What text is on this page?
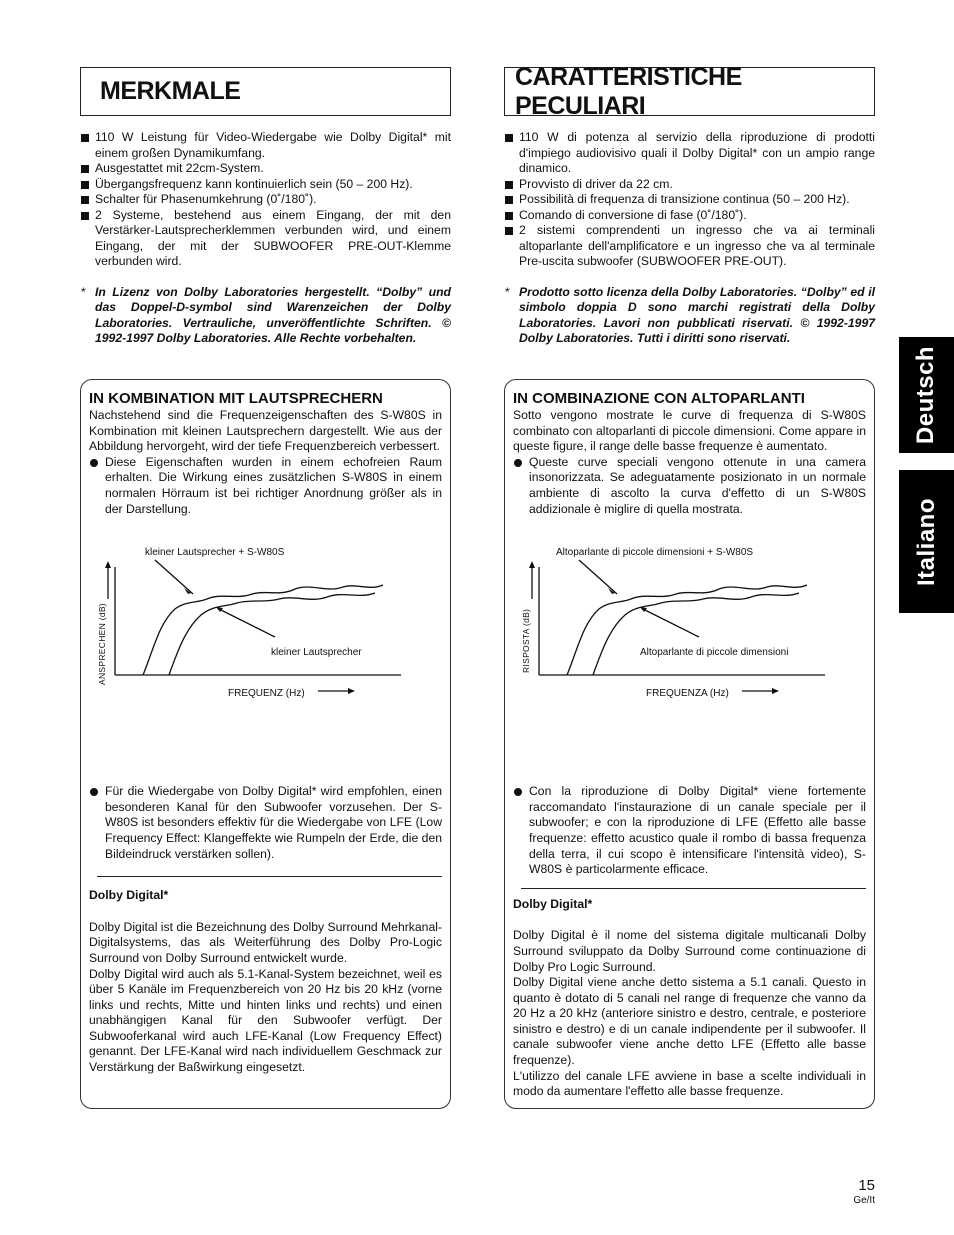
MERKMALE
CARATTERISTICHE PECULIARI
110 W Leistung für Video-Wiedergabe wie Dolby Digital* mit einem großen Dynamikumfang.
Ausgestattet mit 22cm-System.
Übergangsfrequenz kann kontinuierlich sein (50 – 200 Hz).
Schalter für Phasenumkehrung (0˚/180˚).
2 Systeme, bestehend aus einem Eingang, der mit den Verstärker-Lautsprecherklemmen verbunden wird, und einem Eingang, der mit der SUBWOOFER PRE-OUT-Klemme verbunden wird.
* In Lizenz von Dolby Laboratories hergestellt. “Dolby” und das Doppel-D-symbol sind Warenzeichen der Dolby Laboratories. Vertrauliche, unveröffentlichte Schriften. © 1992-1997 Dolby Laboratories. Alle Rechte vorbehalten.
110 W di potenza al servizio della riproduzione di prodotti d'impiego audiovisivo quali il Dolby Digital* con un ampio range dinamico.
Provvisto di driver da 22 cm.
Possibilità di frequenza di transizione continua (50 – 200 Hz).
Comando di conversione di fase (0˚/180˚).
2 sistemi comprendenti un ingresso che va ai terminali altoparlante dell'amplificatore e un ingresso che va al terminale Pre-uscita subwoofer (SUBWOOFER PRE-OUT).
* Prodotto sotto licenza della Dolby Laboratories. “Dolby” ed il simbolo doppia D sono marchi registrati della Dolby Laboratories. Lavori non pubblicati riservati. © 1992-1997 Dolby Laboratories. Tutti i diritti sono riservati.
IN KOMBINATION MIT LAUTSPRECHERN

Nachstehend sind die Frequenzeigenschaften des S-W80S in Kombination mit kleinen Lautsprechern dargestellt. Wie aus der Abbildung hervorgeht, wird der tiefe Frequenzbereich verbessert.

Diese Eigenschaften wurden in einem echofreien Raum erhalten. Die Wirkung eines zusätzlichen S-W80S in einem normalen Hörraum ist bei richtiger Anordnung größer als in der Darstellung.
kleiner Lautsprecher + S-W80S
kleiner Lautsprecher
ANSPRECHEN (dB)
FREQUENZ (Hz)
Für die Wiedergabe von Dolby Digital* wird empfohlen, einen besonderen Kanal für den Subwoofer vorzusehen. Der S-W80S ist besonders effektiv für die Wiedergabe von LFE (Low Frequency Effect: Klangeffekte wie Rumpeln der Erde, die den Bildeindruck verstärken sollen).

Dolby Digital*

Dolby Digital ist die Bezeichnung des Dolby Surround Mehrkanal-Digitalsystems, das als Weiterführung des Dolby Pro-Logic Surround von Dolby Surround entwickelt wurde.

Dolby Digital wird auch als 5.1-Kanal-System bezeichnet, weil es über 5 Kanäle im Frequenzbereich von 20 Hz bis 20 kHz (vorne links und rechts, Mitte und hinten links und rechts) und einen unabhängigen Kanal für den Subwoofer verfügt. Der Subwooferkanal wird auch LFE-Kanal (Low Frequency Effect) genannt. Der LFE-Kanal wird nach individuellem Geschmack zur Verstärkung der Baßwirkung eingesetzt.

IN COMBINAZIONE CON ALTOPARLANTI

Sotto vengono mostrate le curve di frequenza di S-W80S combinato con altoparlanti di piccole dimensioni. Come appare in queste figure, il range delle basse frequenze è aumentato.

Queste curve speciali vengono ottenute in una camera insonorizzata. Se adeguatamente posizionato in un normale ambiente di ascolto la curva d'effetto di un S-W80S addizionale è miglire di quella mostrata.
Altoparlante di piccole dimensioni + S-W80S
Altoparlante di piccole dimensioni
RISPOSTA (dB)
FREQUENZA (Hz)
Con la riproduzione di Dolby Digital* viene fortemente raccomandato l'instaurazione di un canale speciale per il subwoofer; e con la riproduzione di LFE (Effetto alle basse frequenze: effetto acustico quale il rombo di bassa frequenza della terra, il cui scopo è intensificare l'intensità video), S-W80S è particolarmente efficace.

Dolby Digital*

Dolby Digital è il nome del sistema digitale multicanali Dolby Surround sviluppato da Dolby Surround come continuazione di Dolby Pro Logic Surround.

Dolby Digital viene anche detto sistema a 5.1 canali. Questo in quanto è dotato di 5 canali nel range di frequenze che vanno da 20 Hz a 20 kHz (anteriore sinistro e destro, centrale, e posteriore sinistro e destro) e di un canale indipendente per il subwoofer. Il canale subwoofer viene anche detto LFE (Effetto alle basse frequenze).

L'utilizzo del canale LFE avviene in base a scelte individuali in modo da aumentare l'effetto alle basse frequenze.

Deutsch
Italiano
15
Ge/It
